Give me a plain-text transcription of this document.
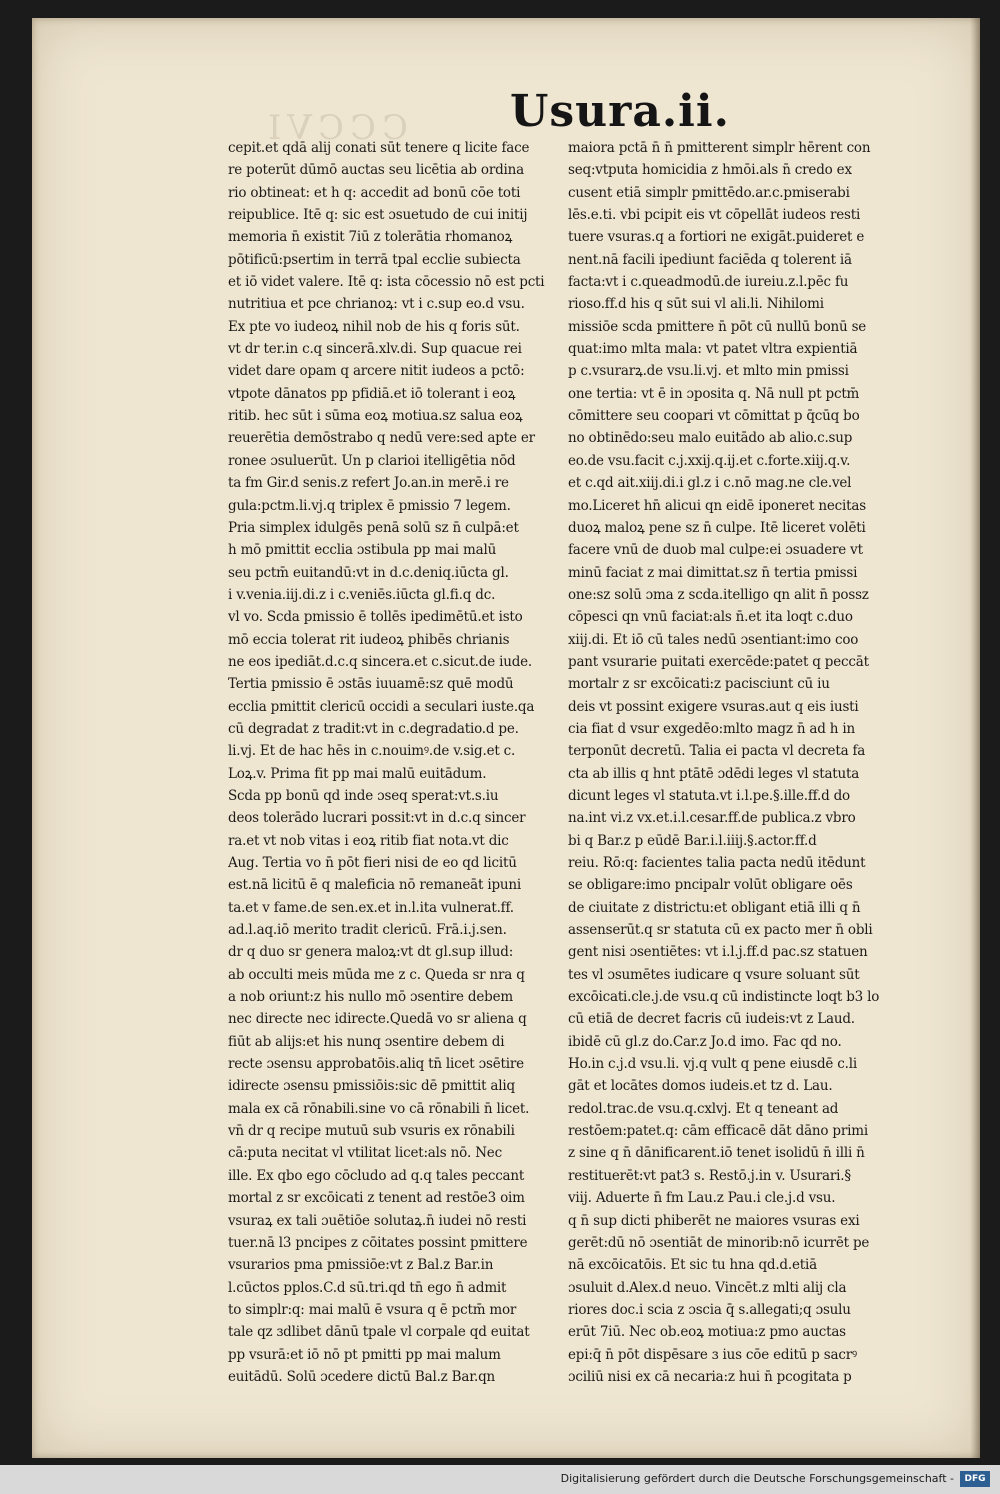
CCCVI Usura.ii.
cepit.et qdā alij conati sūt tenere q licite face
re poterūt dūmō auctas seu licētia ab ordina
rio obtineat: et h q: accedit ad bonū cōe toti
reipublice. Itē q: sic est ɔsuetudo de cui initij
memoria n̄ existit 7iū z tolerātia rhomanoꝝ
pōtificū:psertim in terrā tpal ecclie subiecta
et iō videt valere. Itē q: ista cōcessio nō est pcti
nutritiua et pce chrianoꝝ: vt i c.sup eo.d vsu.
Ex pte vo iudeoꝝ nihil nob de his q foris sūt.
vt dr ter.in c.q sincerā.xlv.di. Sup quacue rei
videt dare opam q arcere nitit iudeos a pctō:
vtpote dānatos pp pfidiā.et iō tolerant i eoꝝ
ritib. hec sūt i sūma eoꝝ motiua.sz salua eoꝝ
reuerētia demōstrabo q nedū vere:sed apte er
ronee ɔsuluerūt. Un p clarioi itelligētia nōd
ta fm Gir.d senis.z refert Jo.an.in merē.i re
gula:pctm.li.vj.q triplex ē pmissio 7 legem.
Pria simplex idulgēs penā solū sz n̄ culpā:et
h mō pmittit ecclia ɔstibula pp mai malū
seu pctm̄ euitandū:vt in d.c.deniq.iūcta gl.
i v.venia.iij.di.z i c.veniēs.iūcta gl.fi.q dc.
vl vo. Scda pmissio ē tollēs ipedimētū.et isto
mō eccia tolerat rit iudeoꝝ phibēs chrianis
ne eos ipediāt.d.c.q sincera.et c.sicut.de iude.
Tertia pmissio ē ɔstās iuuamē:sz quē modū
ecclia pmittit clericū occidi a seculari iuste.qa
cū degradat z tradit:vt in c.degradatio.d pe.
li.vj. Et de hac hēs in c.nouimꝰ.de v.sig.et c.
Loꝝ.v. Prima fit pp mai malū euitādum.
Scda pp bonū qd inde ɔseq sperat:vt.s.iu
deos tolerādo lucrari possit:vt in d.c.q sincer
ra.et vt nob vitas i eoꝝ ritib fiat nota.vt dic
Aug. Tertia vo n̄ pōt fieri nisi de eo qd licitū
est.nā licitū ē q maleficia nō remaneāt ipuni
ta.et v fame.de sen.ex.et in.l.ita vulnerat.ff.
ad.l.aq.iō merito tradit clericū. Frā.i.j.sen.
dr q duo sr genera maloꝝ:vt dt gl.sup illud:
ab occulti meis mūda me z c. Queda sr nra q
a nob oriunt:z his nullo mō ɔsentire debem
nec directe nec idirecte.Quedā vo sr aliena q
fiūt ab alijs:et his nunq ɔsentire debem di
recte ɔsensu approbatōis.aliq tn̄ licet ɔsētire
idirecte ɔsensu pmissiōis:sic dē pmittit aliq
mala ex cā rōnabili.sine vo cā rōnabili n̄ licet.
vn̄ dr q recipe mutuū sub vsuris ex rōnabili
cā:puta necitat vl vtilitat licet:als nō. Nec
ille. Ex qbo ego cōcludo ad q.q tales peccant
mortal z sr excōicati z tenent ad restōe3 oim
vsuraꝝ ex tali ɔuētiōe solutaꝝ.n̄ iudei nō resti
tuer.nā l3 pncipes z cōitates possint pmittere
vsurarios pma pmissiōe:vt z Bal.z Bar.in
l.cūctos pplos.C.d sū.tri.qd tn̄ ego n̄ admit
to simplr:q: mai malū ē vsura q ē pctm̄ mor
tale qz ɜdlibet dānū tpale vl corpale qd euitat
pp vsurā:et iō nō pt pmitti pp mai malum
euitādū. Solū ɔcedere dictū Bal.z Bar.qn
maiora pctā n̄ n̄ pmitterent simplr hērent con
seq:vtputa homicidia z hmōi.als n̄ credo ex
cusent etiā simplr pmittēdo.ar.c.pmiserabi
lēs.e.ti. vbi pcipit eis vt cōpellāt iudeos resti
tuere vsuras.q a fortiori ne exigāt.puideret e
nent.nā facili ipediunt faciēda q tolerent iā
facta:vt i c.queadmodū.de iureiu.z.l.pēc fu
rioso.ff.d his q sūt sui vl ali.li. Nihilomi
missiōe scda pmittere n̄ pōt cū nullū bonū se
quat:imo mlta mala: vt patet vltra expientiā
p c.vsurarꝝ.de vsu.li.vj. et mlto min pmissi
one tertia: vt ē in ɔposita q. Nā null pt pctm̄
cōmittere seu coopari vt cōmittat p q̄cūq bo
no obtinēdo:seu malo euitādo ab alio.c.sup
eo.de vsu.facit c.j.xxij.q.ij.et c.forte.xiij.q.v.
et c.qd ait.xiij.di.i gl.z i c.nō mag.ne cle.vel
mo.Liceret hn̄ alicui qn eidē iponeret necitas
duoꝝ maloꝝ pene sz n̄ culpe. Itē liceret volēti
facere vnū de duob mal culpe:ei ɔsuadere vt
minū faciat z mai dimittat.sz n̄ tertia pmissi
one:sz solū ɔma z scda.itelligo qn alit n̄ possz
cōpesci qn vnū faciat:als n̄.et ita loqt c.duo
xiij.di. Et iō cū tales nedū ɔsentiant:imo coo
pant vsurarie puitati exercēde:patet q peccāt
mortalr z sr excōicati:z pacisciunt cū iu
deis vt possint exigere vsuras.aut q eis iusti
cia fiat d vsur exgedēo:mlto magz n̄ ad h in
terponūt decretū. Talia ei pacta vl decreta fa
cta ab illis q hnt ptātē ɔdēdi leges vl statuta
dicunt leges vl statuta.vt i.l.pe.§.ille.ff.d do
na.int vi.z vx.et.i.l.cesar.ff.de publica.z vbro
bi q Bar.z p eūdē Bar.i.l.iiij.§.actor.ff.d
reiu. Rō:q: facientes talia pacta nedū itēdunt
se obligare:imo pncipalr volūt obligare oēs
de ciuitate z districtu:et obligant etiā illi q n̄
assenserūt.q sr statuta cū ex pacto mer n̄ obli
gent nisi ɔsentiētes: vt i.l.j.ff.d pac.sz statuen
tes vl ɔsumētes iudicare q vsure soluant sūt
excōicati.cle.j.de vsu.q cū indistincte loqt b3 lo
cū etiā de decret facris cū iudeis:vt z Laud.
ibidē cū gl.z do.Car.z Jo.d imo. Fac qd no.
Ho.in c.j.d vsu.li. vj.q vult q pene eiusdē c.li
gāt et locātes domos iudeis.et tz d. Lau.
redol.trac.de vsu.q.cxlvj. Et q teneant ad
restōem:patet.q: cām efficacē dāt dāno primi
z sine q n̄ dānificarent.iō tenet isolidū n̄ illi n̄
restituerēt:vt pat3 s. Restō.j.in v. Usurari.§
viij. Aduerte n̄ fm Lau.z Pau.i cle.j.d vsu.
q n̄ sup dicti phiberēt ne maiores vsuras exi
gerēt:dū nō ɔsentiāt de minorib:nō icurrēt pe
nā excōicatōis. Et sic tu hna qd.d.etiā
ɔsuluit d.Alex.d neuo. Vincēt.z mlti alij cla
riores doc.i scia z ɔscia q̄ s.allegati;q ɔsulu
erūt 7iū. Nec ob.eoꝝ motiua:z pmo auctas
epi:q̄ n̄ pōt dispēsare ɜ ius cōe editū p sacrꝰ
ɔciliū nisi ex cā necaria:z hui n̄ pcogitata p
Digitalisierung gefördert durch die Deutsche Forschungsgemeinschaft -	DFG
